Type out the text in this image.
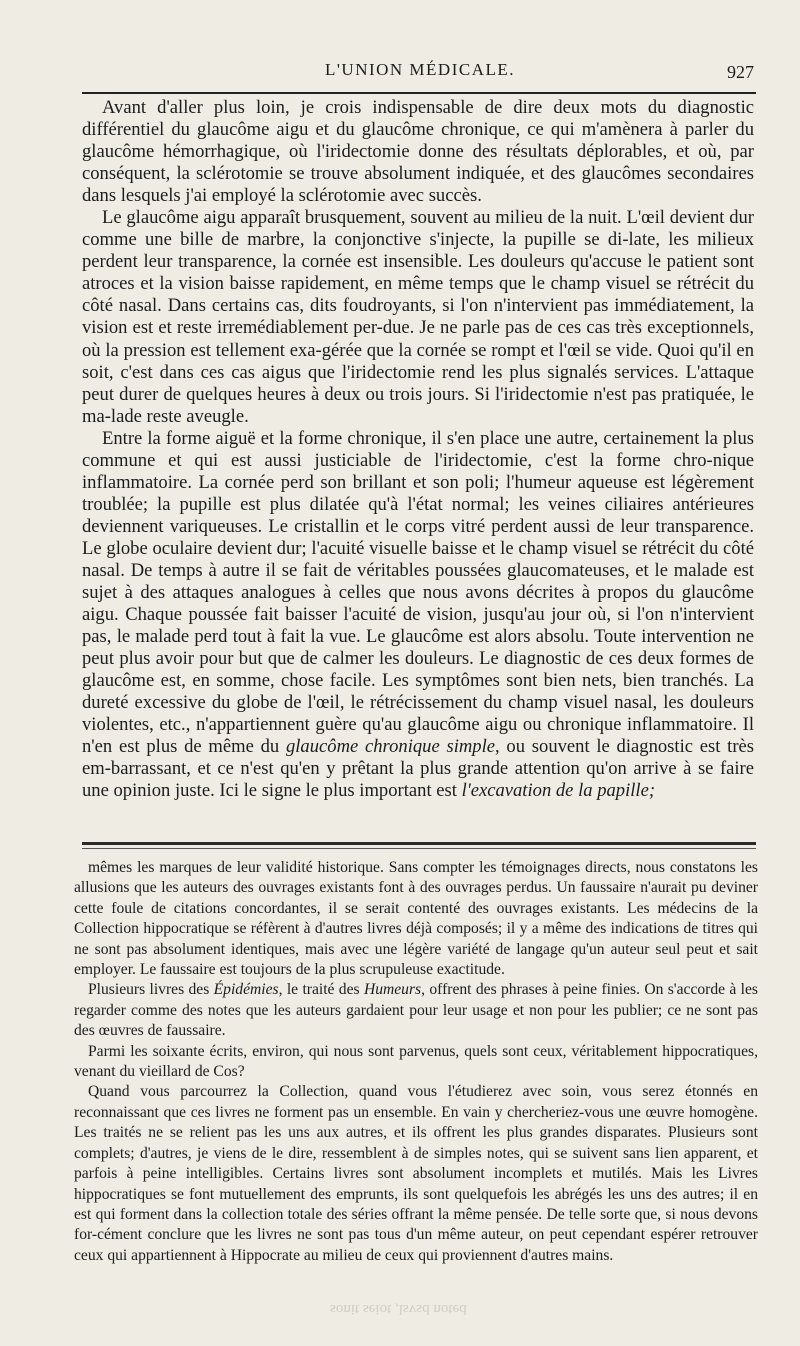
L'UNION MÉDICALE.	927

Avant d'aller plus loin, je crois indispensable de dire deux mots du diagnostic différentiel du glaucôme aigu et du glaucôme chronique, ce qui m'amènera à parler du glaucôme hémorrhagique, où l'iridectomie donne des résultats déplorables, et où, par conséquent, la sclérotomie se trouve absolument indiquée, et des glaucômes secondaires dans lesquels j'ai employé la sclérotomie avec succès.

Le glaucôme aigu apparaît brusquement, souvent au milieu de la nuit. L'œil devient dur comme une bille de marbre, la conjonctive s'injecte, la pupille se di-late, les milieux perdent leur transparence, la cornée est insensible. Les douleurs qu'accuse le patient sont atroces et la vision baisse rapidement, en même temps que le champ visuel se rétrécit du côté nasal. Dans certains cas, dits foudroyants, si l'on n'intervient pas immédiatement, la vision est et reste irremédiablement per-due. Je ne parle pas de ces cas très exceptionnels, où la pression est tellement exa-gérée que la cornée se rompt et l'œil se vide. Quoi qu'il en soit, c'est dans ces cas aigus que l'iridectomie rend les plus signalés services. L'attaque peut durer de quelques heures à deux ou trois jours. Si l'iridectomie n'est pas pratiquée, le ma-lade reste aveugle.

Entre la forme aiguë et la forme chronique, il s'en place une autre, certainement la plus commune et qui est aussi justiciable de l'iridectomie, c'est la forme chro-nique inflammatoire. La cornée perd son brillant et son poli; l'humeur aqueuse est légèrement troublée; la pupille est plus dilatée qu'à l'état normal; les veines ciliaires antérieures deviennent variqueuses. Le cristallin et le corps vitré perdent aussi de leur transparence. Le globe oculaire devient dur; l'acuité visuelle baisse et le champ visuel se rétrécit du côté nasal. De temps à autre il se fait de véritables poussées glaucomateuses, et le malade est sujet à des attaques analogues à celles que nous avons décrites à propos du glaucôme aigu. Chaque poussée fait baisser l'acuité de vision, jusqu'au jour où, si l'on n'intervient pas, le malade perd tout à fait la vue. Le glaucôme est alors absolu. Toute intervention ne peut plus avoir pour but que de calmer les douleurs. Le diagnostic de ces deux formes de glaucôme est, en somme, chose facile. Les symptômes sont bien nets, bien tranchés. La dureté excessive du globe de l'œil, le rétrécissement du champ visuel nasal, les douleurs violentes, etc., n'appartiennent guère qu'au glaucôme aigu ou chronique inflammatoire. Il n'en est plus de même du glaucôme chronique simple, ou souvent le diagnostic est très em-barrassant, et ce n'est qu'en y prêtant la plus grande attention qu'on arrive à se faire une opinion juste. Ici le signe le plus important est l'excavation de la papille;

mêmes les marques de leur validité historique. Sans compter les témoignages directs, nous constatons les allusions que les auteurs des ouvrages existants font à des ouvrages perdus. Un faussaire n'aurait pu deviner cette foule de citations concordantes, il se serait contenté des ouvrages existants. Les médecins de la Collection hippocratique se réfèrent à d'autres livres déjà composés; il y a même des indications de titres qui ne sont pas absolument identiques, mais avec une légère variété de langage qu'un auteur seul peut et sait employer. Le faussaire est toujours de la plus scrupuleuse exactitude.

Plusieurs livres des Épidémies, le traité des Humeurs, offrent des phrases à peine finies. On s'accorde à les regarder comme des notes que les auteurs gardaient pour leur usage et non pour les publier; ce ne sont pas des œuvres de faussaire.

Parmi les soixante écrits, environ, qui nous sont parvenus, quels sont ceux, véritablement hippocratiques, venant du vieillard de Cos?

Quand vous parcourrez la Collection, quand vous l'étudierez avec soin, vous serez étonnés en reconnaissant que ces livres ne forment pas un ensemble. En vain y chercheriez-vous une œuvre homogène. Les traités ne se relient pas les uns aux autres, et ils offrent les plus grandes disparates. Plusieurs sont complets; d'autres, je viens de le dire, ressemblent à de simples notes, qui se suivent sans lien apparent, et parfois à peine intelligibles. Certains livres sont absolument incomplets et mutilés. Mais les Livres hippocratiques se font mutuellement des emprunts, ils sont quelquefois les abrégés les uns des autres; il en est qui forment dans la collection totale des séries offrant la même pensée. De telle sorte que, si nous devons for-cément conclure que les livres ne sont pas tous d'un même auteur, on peut cependant espérer retrouver ceux qui appartiennent à Hippocrate au milieu de ceux qui proviennent d'autres mains.

sonit seiot ,lsvsd noted
